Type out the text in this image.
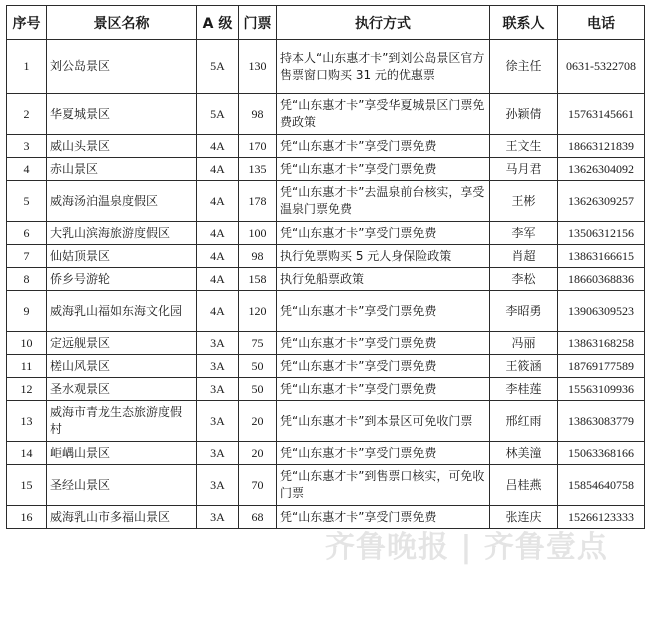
序号	景区名称	A 级	门票	执行方式	联系人	电话
1	刘公岛景区	5A	130	持本人“山东惠才卡”到刘公岛景区官方售票窗口购买 31 元的优惠票	徐主任	0631-5322708
2	华夏城景区	5A	98	凭“山东惠才卡”享受华夏城景区门票免费政策	孙颖倩	15763145661
3	威山头景区	4A	170	凭“山东惠才卡”享受门票免费	王文生	18663121839
4	赤山景区	4A	135	凭“山东惠才卡”享受门票免费	马月君	13626304092
5	威海汤泊温泉度假区	4A	178	凭“山东惠才卡”去温泉前台核实，享受温泉门票免费	王彬	13626309257
6	大乳山滨海旅游度假区	4A	100	凭“山东惠才卡”享受门票免费	李军	13506312156
7	仙姑顶景区	4A	98	执行免票购买 5 元人身保险政策	肖超	13863166615
8	侨乡号游轮	4A	158	执行免船票政策	李松	18660368836
9	威海乳山福如东海文化园	4A	120	凭“山东惠才卡”享受门票免费	李昭勇	13906309523
10	定远舰景区	3A	75	凭“山东惠才卡”享受门票免费	冯丽	13863168258
11	槎山风景区	3A	50	凭“山东惠才卡”享受门票免费	王筱涵	18769177589
12	圣水观景区	3A	50	凭“山东惠才卡”享受门票免费	李桂莲	15563109936
13	威海市青龙生态旅游度假村	3A	20	凭“山东惠才卡”到本景区可免收门票	邢红雨	13863083779
14	岠嵎山景区	3A	20	凭“山东惠才卡”享受门票免费	林美潼	15063368166
15	圣经山景区	3A	70	凭“山东惠才卡”到售票口核实，可免收门票	吕桂燕	15854640758
16	威海乳山市多福山景区	3A	68	凭“山东惠才卡”享受门票免费	张连庆	15266123333
齐鲁晚报 | 齐鲁壹点
